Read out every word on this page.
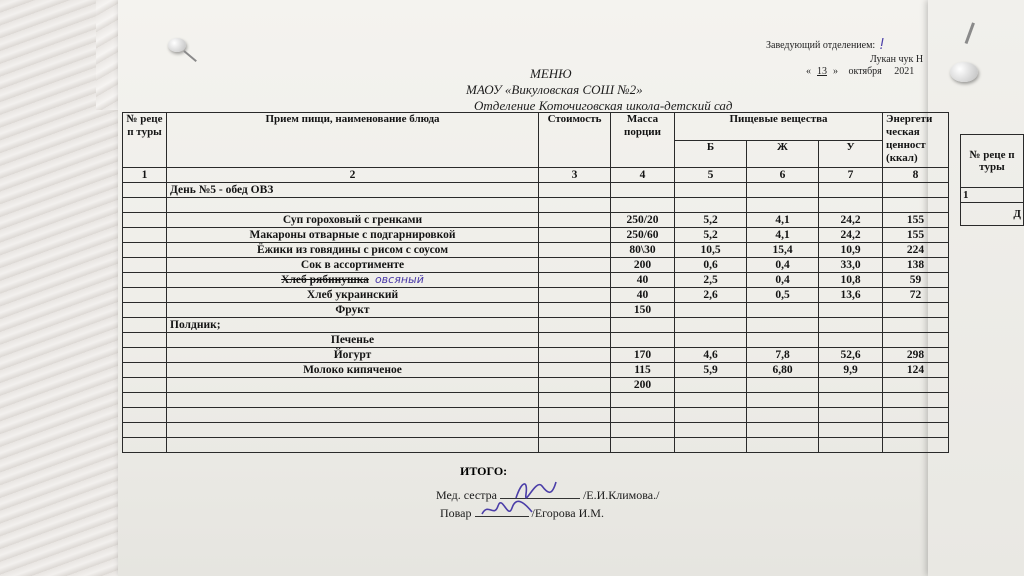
Заведующий отделением: ᴉ
Лукан чук Н
« 13 » октября 2021
МЕНЮ
МАОУ «Викуловская СОШ №2»
Отделение Коточиговская школа-детский сад
№ реце п туры	Прием пищи, наименование блюда	Стоимость	Масса порции	Пищевые вещества			Энергети ческая ценност (ккал)
				Б	Ж	У	
1	2	3	4	5	6	7	8
	День №5 - обед ОВЗ						

	Суп гороховый с гренками		250/20	5,2	4,1	24,2	155
	Макароны отварные с подгарнировкой		250/60	5,2	4,1	24,2	155
	Ёжики из говядины с рисом с соусом		80\30	10,5	15,4	10,9	224
	Сок в ассортименте		200	0,6	0,4	33,0	138
	Хлеб рябинушка овсяный		40	2,5	0,4	10,8	59
	Хлеб украинский		40	2,6	0,5	13,6	72
	Фрукт		150				
	Полдник;						
	Печенье						
	Йогурт		170	4,6	7,8	52,6	298
	Молоко кипяченое		115	5,9	6,80	9,9	124
			200				

ИТОГО:
Мед. сестра	/Е.И.Климова./
Повар	/Егорова И.М.
№ реце п туры
1
Д
